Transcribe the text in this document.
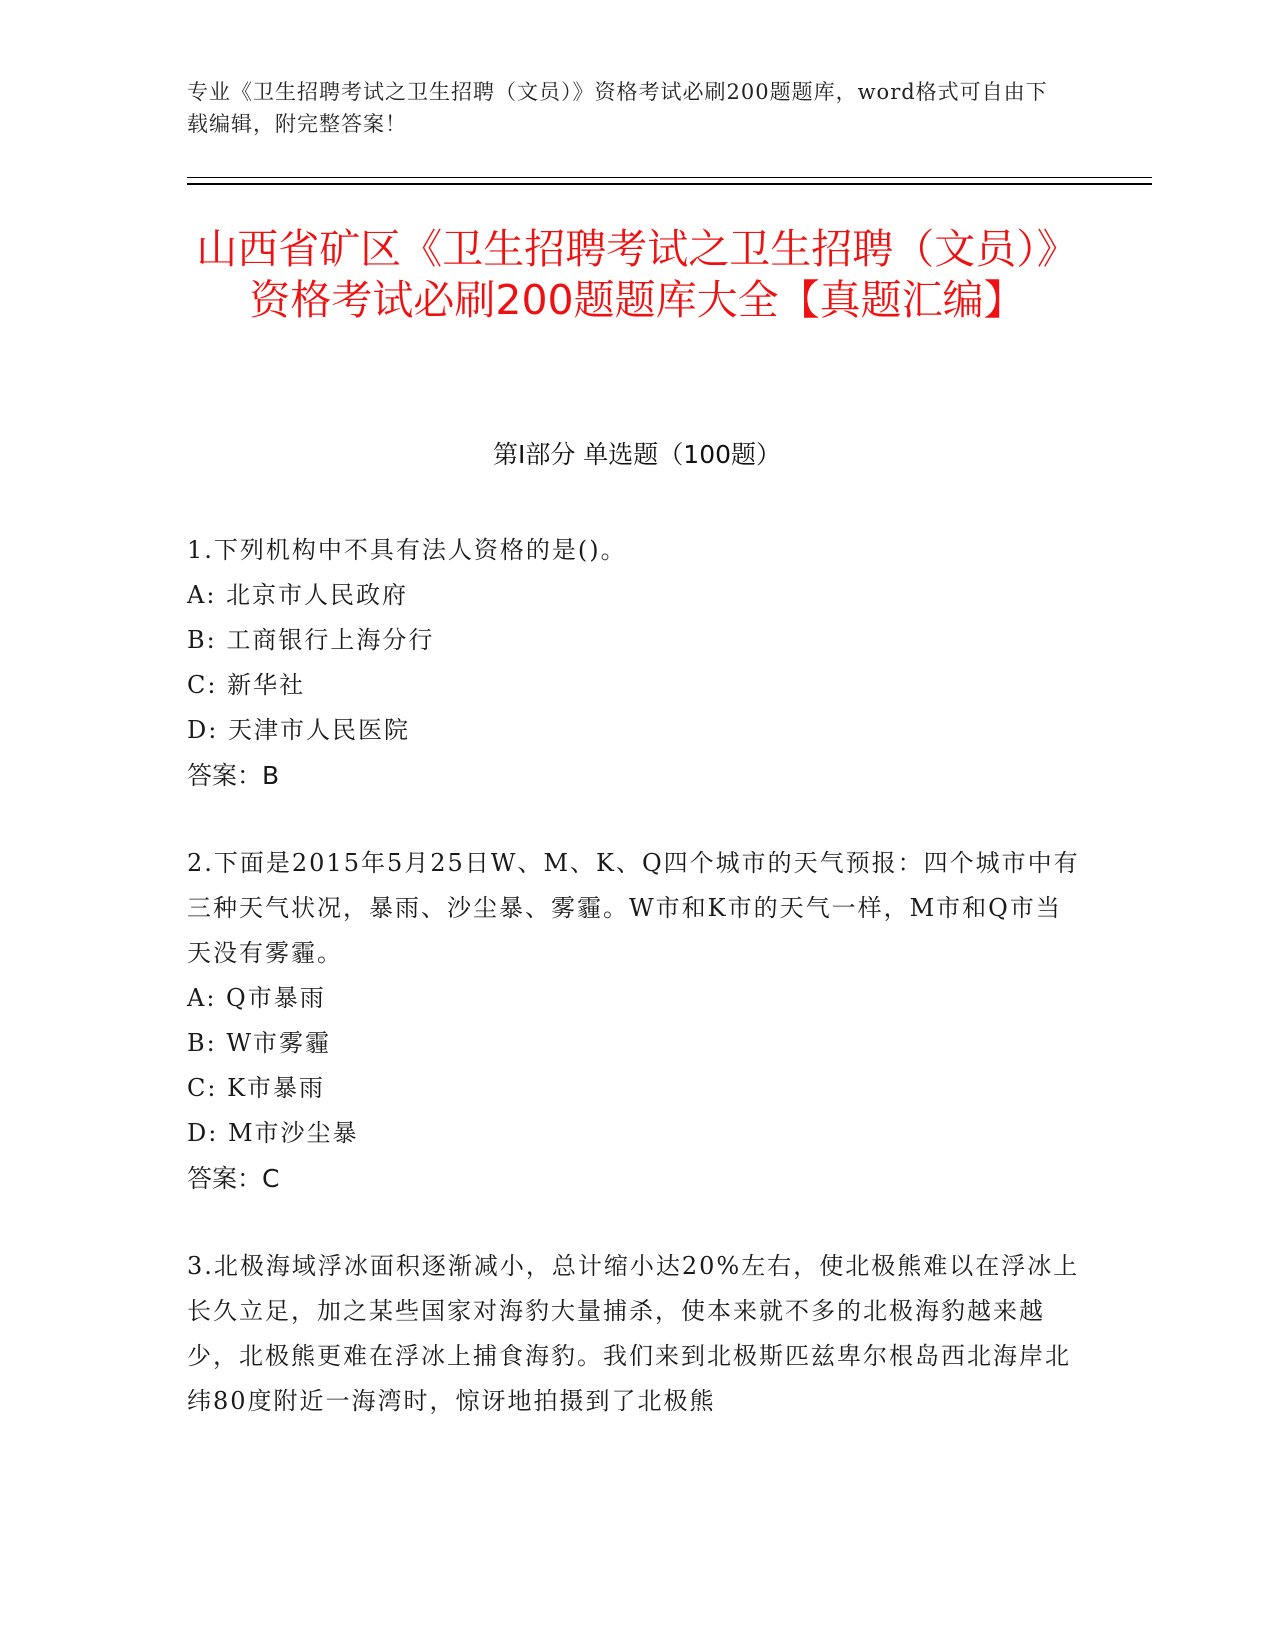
专业《卫生招聘考试之卫生招聘（文员）》资格考试必刷200题题库，word格式可自由下载编辑，附完整答案！
山西省矿区《卫生招聘考试之卫生招聘（文员）》资格考试必刷200题题库大全【真题汇编】
第I部分 单选题（100题）

1.下列机构中不具有法人资格的是()。

A: 北京市人民政府

B: 工商银行上海分行

C: 新华社

D: 天津市人民医院

答案：B

2.下面是2015年5月25日W、M、K、Q四个城市的天气预报：四个城市中有三种天气状况，暴雨、沙尘暴、雾霾。W市和K市的天气一样，M市和Q市当天没有雾霾。

A: Q市暴雨

B: W市雾霾

C: K市暴雨

D: M市沙尘暴

答案：C

3.北极海域浮冰面积逐渐减小，总计缩小达20%左右，使北极熊难以在浮冰上长久立足，加之某些国家对海豹大量捕杀，使本来就不多的北极海豹越来越少，北极熊更难在浮冰上捕食海豹。我们来到北极斯匹兹卑尔根岛西北海岸北纬80度附近一海湾时，惊讶地拍摄到了北极熊
